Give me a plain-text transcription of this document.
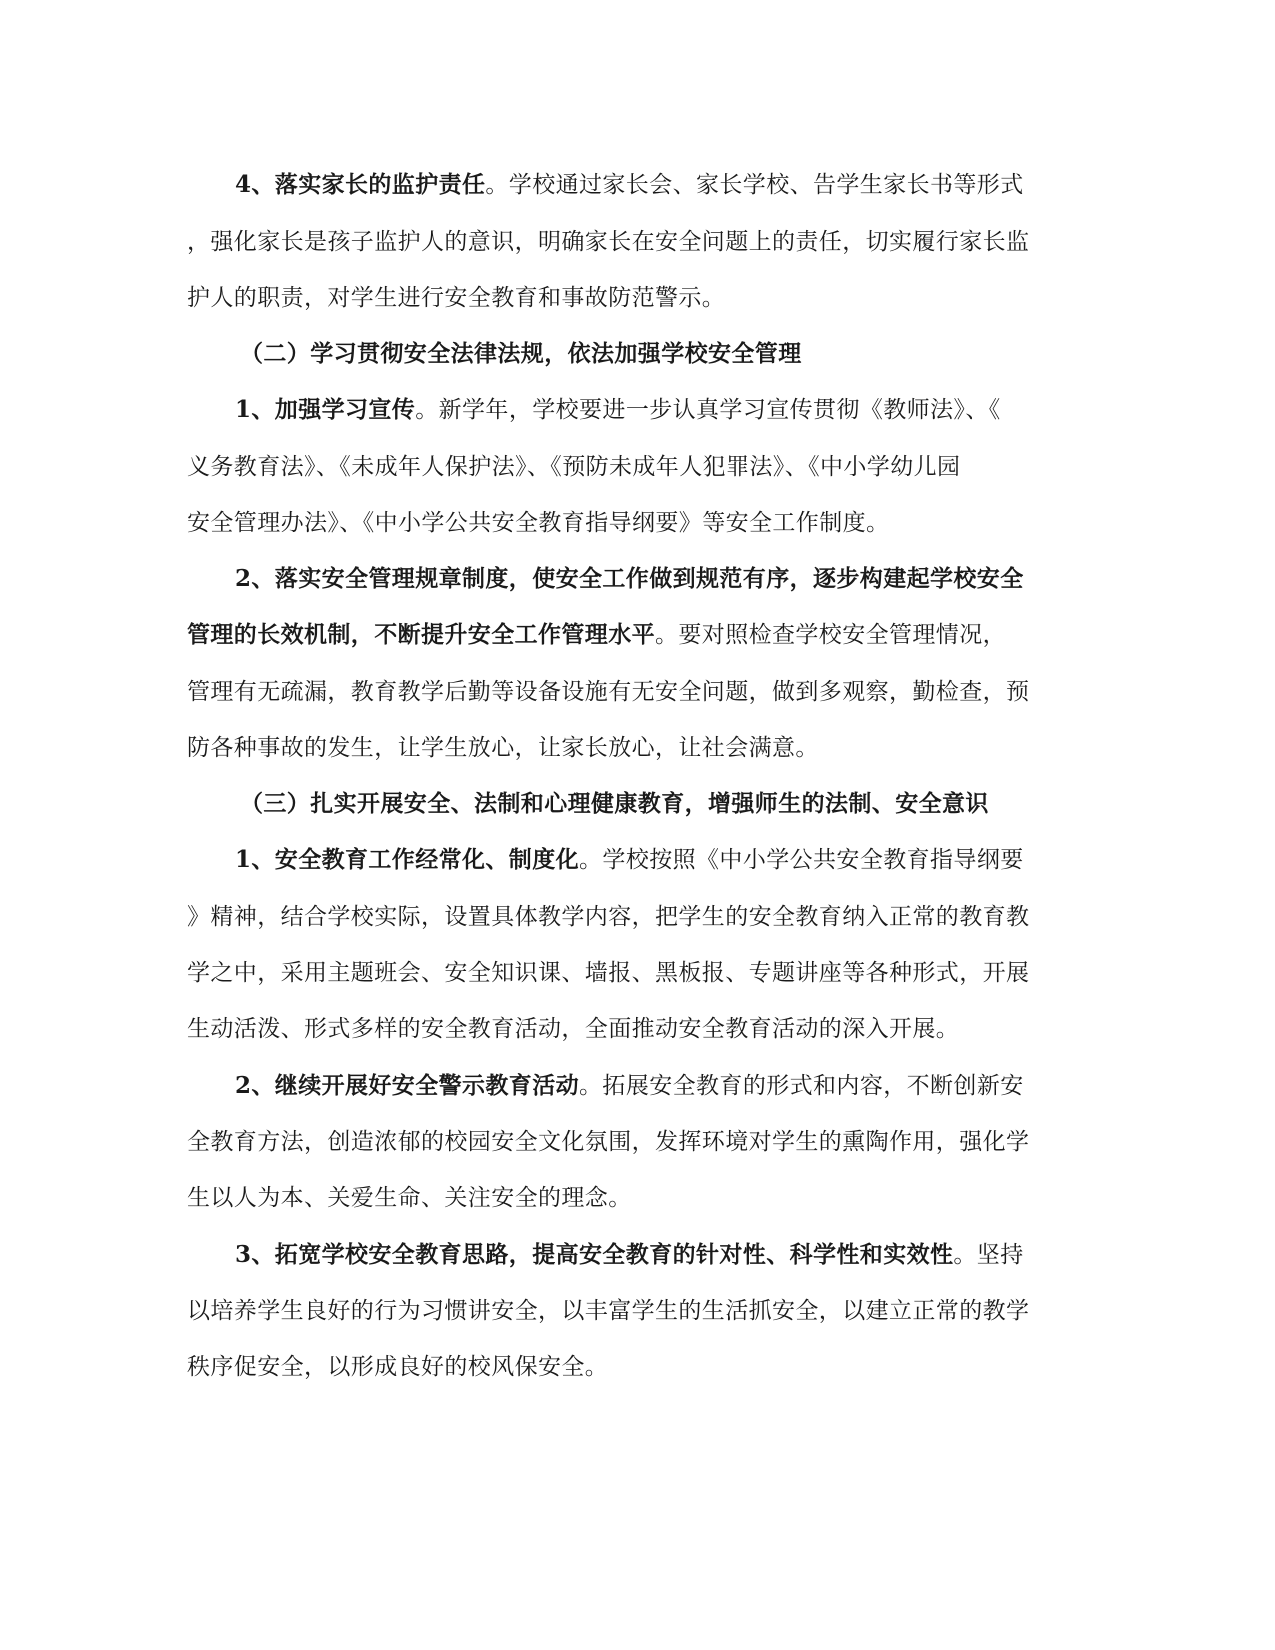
4、落实家长的监护责任。学校通过家长会、家长学校、告学生家长书等形式
，强化家长是孩子监护人的意识，明确家长在安全问题上的责任，切实履行家长监
护人的职责，对学生进行安全教育和事故防范警示。
（二）学习贯彻安全法律法规，依法加强学校安全管理
1、加强学习宣传。新学年，学校要进一步认真学习宣传贯彻《教师法》、《
义务教育法》、《未成年人保护法》、《预防未成年人犯罪法》、《中小学幼儿园
安全管理办法》、《中小学公共安全教育指导纲要》等安全工作制度。
2、落实安全管理规章制度，使安全工作做到规范有序，逐步构建起学校安全
管理的长效机制，不断提升安全工作管理水平。要对照检查学校安全管理情况，
管理有无疏漏，教育教学后勤等设备设施有无安全问题，做到多观察，勤检查，预
防各种事故的发生，让学生放心，让家长放心，让社会满意。
（三）扎实开展安全、法制和心理健康教育，增强师生的法制、安全意识
1、安全教育工作经常化、制度化。学校按照《中小学公共安全教育指导纲要
》精神，结合学校实际，设置具体教学内容，把学生的安全教育纳入正常的教育教
学之中，采用主题班会、安全知识课、墙报、黑板报、专题讲座等各种形式，开展
生动活泼、形式多样的安全教育活动，全面推动安全教育活动的深入开展。
2、继续开展好安全警示教育活动。拓展安全教育的形式和内容，不断创新安
全教育方法，创造浓郁的校园安全文化氛围，发挥环境对学生的熏陶作用，强化学
生以人为本、关爱生命、关注安全的理念。
3、拓宽学校安全教育思路，提高安全教育的针对性、科学性和实效性。坚持
以培养学生良好的行为习惯讲安全，以丰富学生的生活抓安全，以建立正常的教学
秩序促安全，以形成良好的校风保安全。
